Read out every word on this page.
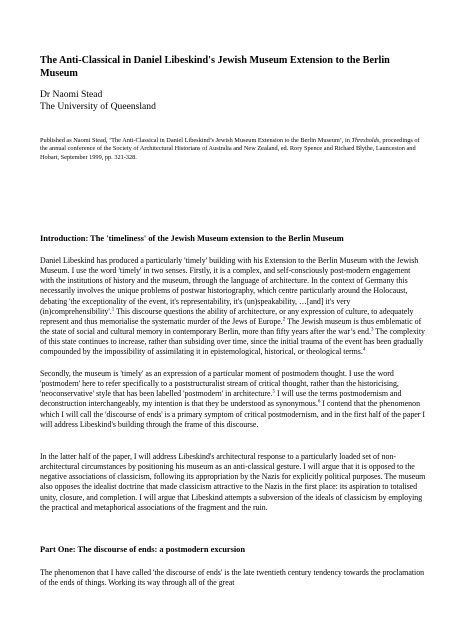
The Anti-Classical in Daniel Libeskind's Jewish Museum Extension to the Berlin Museum
Dr Naomi Stead
The University of Queensland
Published as Naomi Stead, ‘The Anti-Classical in Daniel Libeskind’s Jewish Museum Extension to the Berlin Museum’, in Thresholds, proceedings of the annual conference of the Society of Architectural Historians of Australia and New Zealand, ed. Rory Spence and Richard Blythe, Launceston and Hobart, September 1999, pp. 321-328.
Introduction: The 'timeliness' of the Jewish Museum extension to the Berlin Museum
Daniel Libeskind has produced a particularly 'timely' building with his Extension to the Berlin Museum with the Jewish Museum. I use the word 'timely' in two senses. Firstly, it is a complex, and self-consciously post-modern engagement with the institutions of history and the museum, through the language of architecture. In the context of Germany this necessarily involves the unique problems of postwar historiography, which centre particularly around the Holocaust, debating 'the exceptionality of the event, it's representability, it's (un)speakability, …[and] it's very (in)comprehensibility'.$^1$ This discourse questions the ability of architecture, or any expression of culture, to adequately represent and thus memorialise the systematic murder of the Jews of Europe.$^2$ The Jewish museum is thus emblematic of the state of social and cultural memory in contemporary Berlin, more than fifty years after the war’s end.$^3$ The complexity of this state continues to increase, rather than subsiding over time, since the initial trauma of the event has been gradually compounded by the impossibility of assimilating it in epistemological, historical, or theological terms.$^4$
Secondly, the museum is 'timely' as an expression of a particular moment of postmodern thought. I use the word 'postmodern' here to refer specifically to a poststructuralist stream of critical thought, rather than the historicising, 'neoconservative' style that has been labelled 'postmodern' in architecture.$^5$ I will use the terms postmodernism and deconstruction interchangeably, my intention is that they be understood as synonymous.$^6$ I contend that the phenomenon which I will call the 'discourse of ends' is a primary symptom of critical postmodernism, and in the first half of the paper I will address Libeskind's building through the frame of this discourse.
In the latter half of the paper, I will address Libeskind's architectural response to a particularly loaded set of non-architectural circumstances by positioning his museum as an anti-classical gesture. I will argue that it is opposed to the negative associations of classicism, following its appropriation by the Nazis for explicitly political purposes. The museum also opposes the idealist doctrine that made classicism attractive to the Nazis in the first place: its aspiration to totalised unity, closure, and completion. I will argue that Libeskind attempts a subversion of the ideals of classicism by employing the practical and metaphorical associations of the fragment and the ruin.
Part One: The discourse of ends: a postmodern excursion
The phenomenon that I have called 'the discourse of ends' is the late twentieth century tendency towards the proclamation of the ends of things. Working its way through all of the great
